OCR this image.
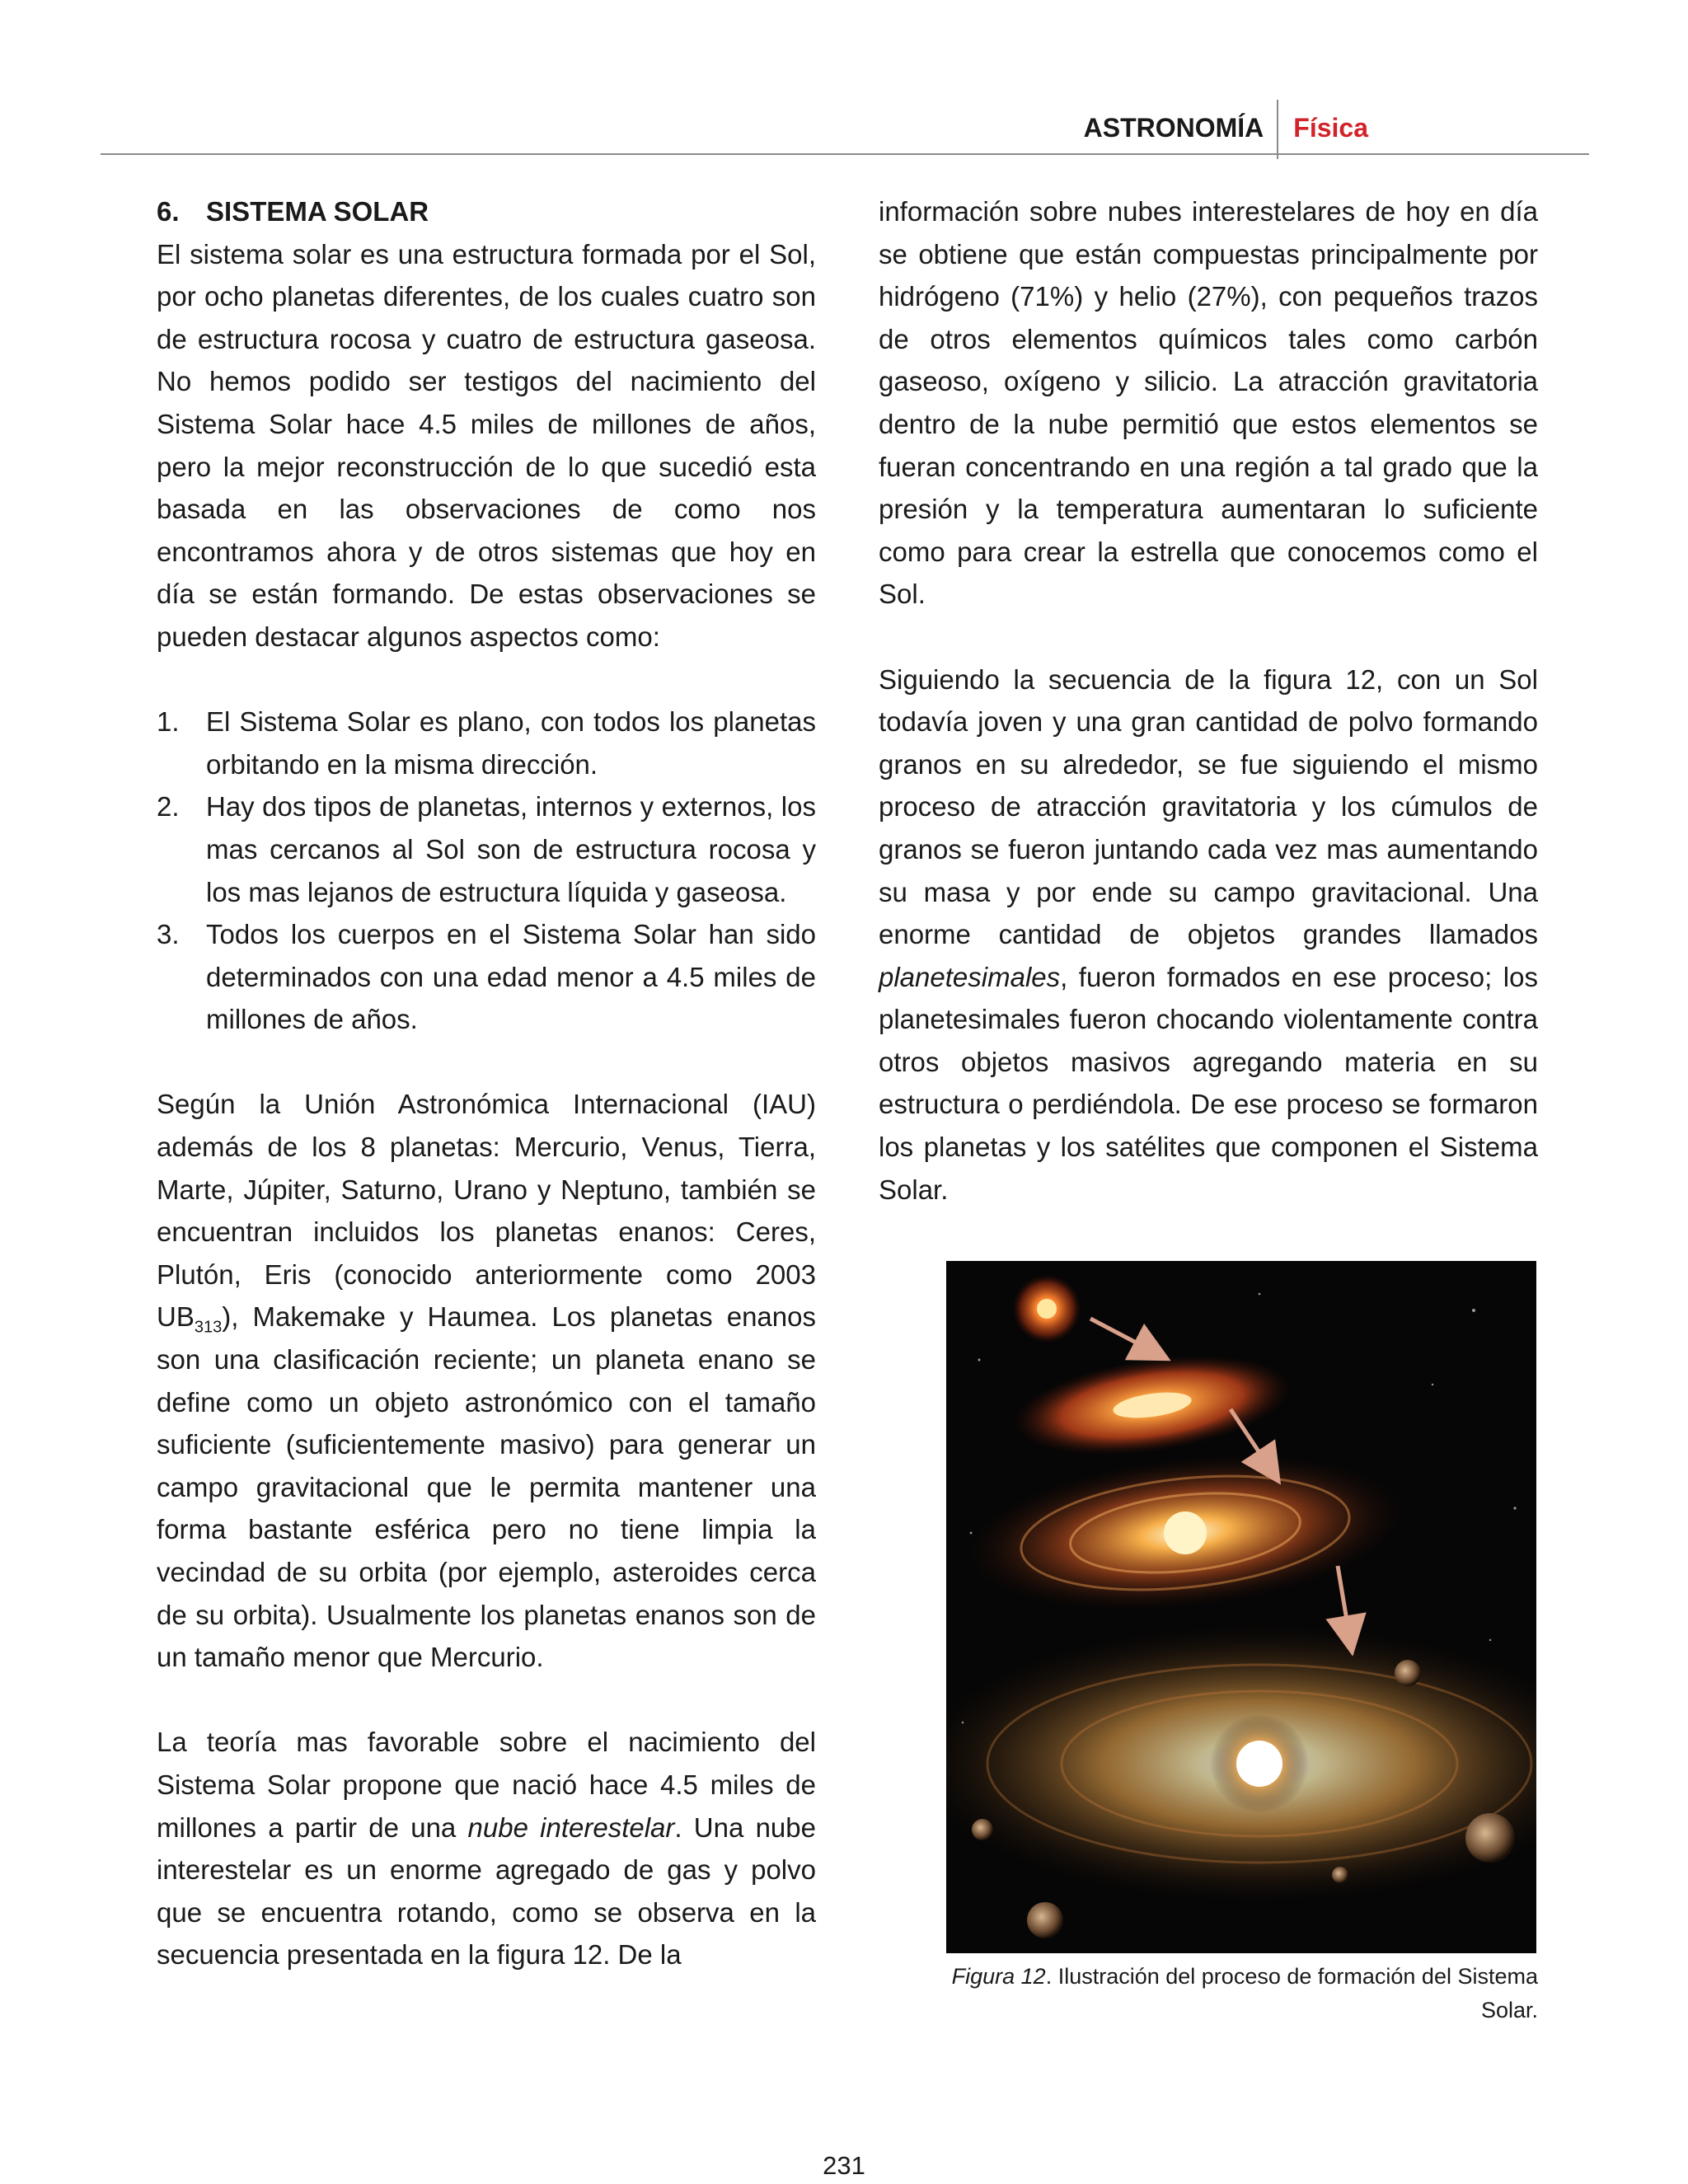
ASTRONOMÍA	Física

6. SISTEMA SOLAR

El sistema solar es una estructura formada por el Sol, por ocho planetas diferentes, de los cuales cuatro son de estructura rocosa y cuatro de estructura gaseosa. No hemos podido ser testigos del nacimiento del Sistema Solar hace 4.5 miles de millones de años, pero la mejor reconstrucción de lo que sucedió esta basada en las observaciones de como nos encontramos ahora y de otros sistemas que hoy en día se están formando. De estas observaciones se pueden destacar algunos aspectos como:

1. El Sistema Solar es plano, con todos los planetas orbitando en la misma dirección.
2. Hay dos tipos de planetas, internos y externos, los mas cercanos al Sol son de estructura rocosa y los mas lejanos de estructura líquida y gaseosa.
3. Todos los cuerpos en el Sistema Solar han sido determinados con una edad menor a 4.5 miles de millones de años.

Según la Unión Astronómica Internacional (IAU) además de los 8 planetas: Mercurio, Venus, Tierra, Marte, Júpiter, Saturno, Urano y Neptuno, también se encuentran incluidos los planetas enanos: Ceres, Plutón, Eris (conocido anteriormente como 2003 $UB_{313}$), Makemake y Haumea. Los planetas enanos son una clasificación reciente; un planeta enano se define como un objeto astronómico con el tamaño suficiente (suficientemente masivo) para generar un campo gravitacional que le permita mantener una forma bastante esférica pero no tiene limpia la vecindad de su orbita (por ejemplo, asteroides cerca de su orbita). Usualmente los planetas enanos son de un tamaño menor que Mercurio.

La teoría mas favorable sobre el nacimiento del Sistema Solar propone que nació hace 4.5 miles de millones a partir de una nube interestelar. Una nube interestelar es un enorme agregado de gas y polvo que se encuentra rotando, como se observa en la secuencia presentada en la figura 12. De la

información sobre nubes interestelares de hoy en día se obtiene que están compuestas principalmente por hidrógeno (71%) y helio (27%), con pequeños trazos de otros elementos químicos tales como carbón gaseoso, oxígeno y silicio. La atracción gravitatoria dentro de la nube permitió que estos elementos se fueran concentrando en una región a tal grado que la presión y la temperatura aumentaran lo suficiente como para crear la estrella que conocemos como el Sol.

Siguiendo la secuencia de la figura 12, con un Sol todavía joven y una gran cantidad de polvo formando granos en su alrededor, se fue siguiendo el mismo proceso de atracción gravitatoria y los cúmulos de granos se fueron juntando cada vez mas aumentando su masa y por ende su campo gravitacional. Una enorme cantidad de objetos grandes llamados planetesimales, fueron formados en ese proceso; los planetesimales fueron chocando violentamente contra otros objetos masivos agregando materia en su estructura o perdiéndola. De ese proceso se formaron los planetas y los satélites que componen el Sistema Solar.

Figura 12. Ilustración del proceso de formación del Sistema Solar.
231
